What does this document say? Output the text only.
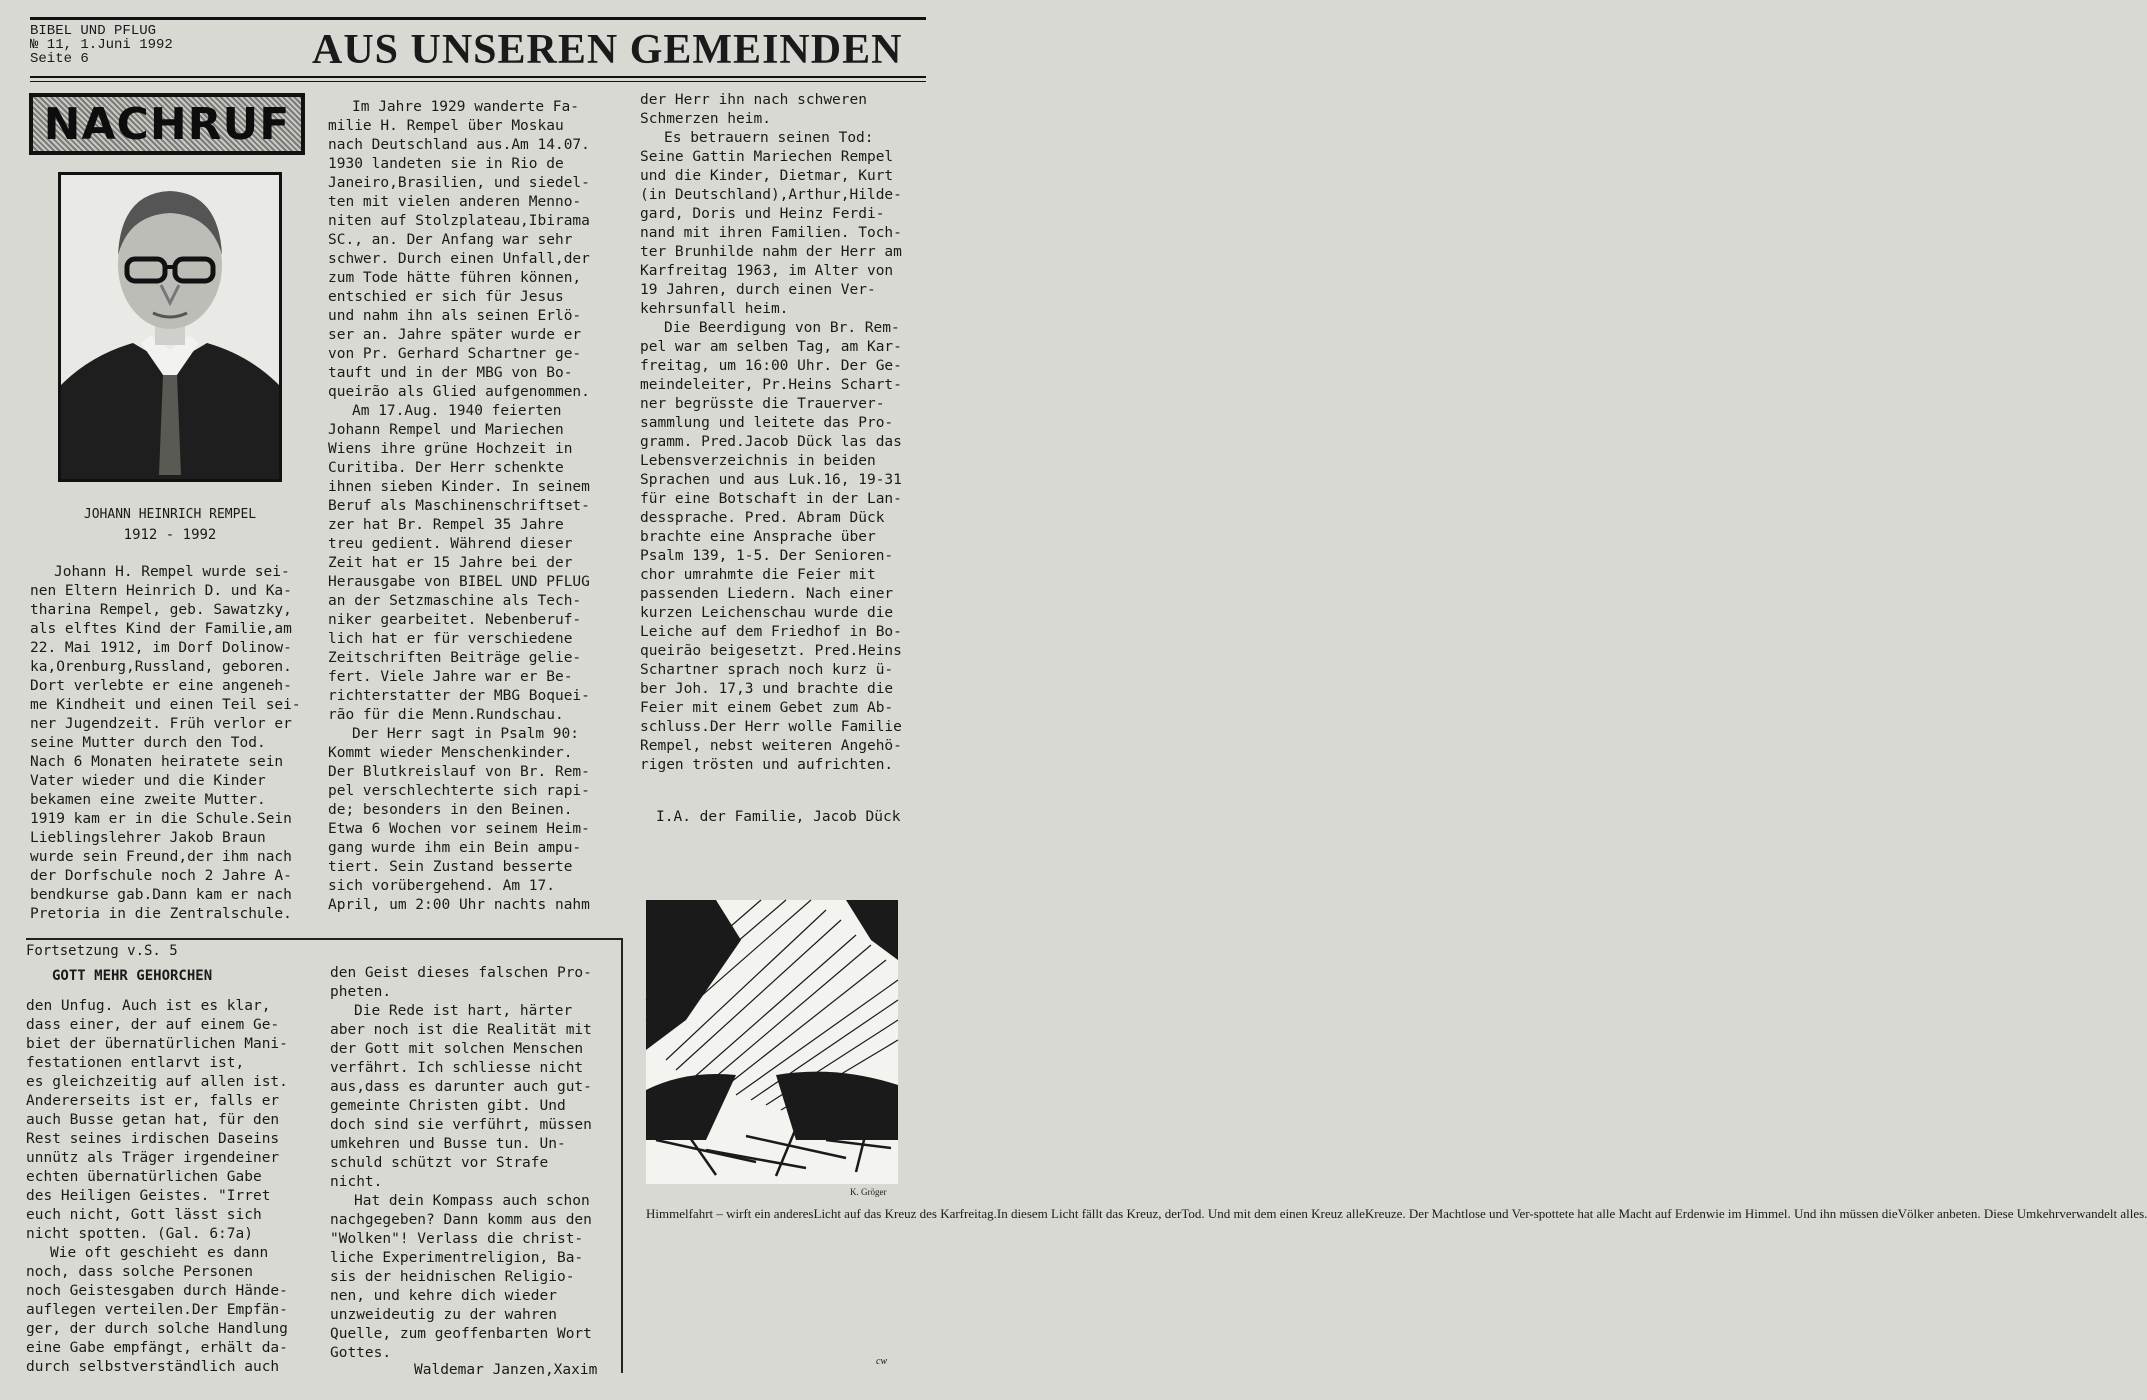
BIBEL UND PFLUG
№ 11, 1.Juni 1992
Seite 6	AUS UNSEREN GEMEINDEN
NACHRUF
JOHANN HEINRICH REMPEL
1912 - 1992
Johann H. Rempel wurde sei-
nen Eltern Heinrich D. und Ka-
tharina Rempel, geb. Sawatzky,
als elftes Kind der Familie,am
22. Mai 1912, im Dorf Dolinow-
ka,Orenburg,Russland, geboren.
Dort verlebte er eine angeneh-
me Kindheit und einen Teil sei-
ner Jugendzeit. Früh verlor er
seine Mutter durch den Tod.
Nach 6 Monaten heiratete sein
Vater wieder und die Kinder
bekamen eine zweite Mutter.
1919 kam er in die Schule.Sein
Lieblingslehrer Jakob Braun
wurde sein Freund,der ihm nach
der Dorfschule noch 2 Jahre A-
bendkurse gab.Dann kam er nach
Pretoria in die Zentralschule.
Im Jahre 1929 wanderte Fa-
milie H. Rempel über Moskau
nach Deutschland aus.Am 14.07.
1930 landeten sie in Rio de
Janeiro,Brasilien, und siedel-
ten mit vielen anderen Menno-
niten auf Stolzplateau,Ibirama
SC., an. Der Anfang war sehr
schwer. Durch einen Unfall,der
zum Tode hätte führen können,
entschied er sich für Jesus
und nahm ihn als seinen Erlö-
ser an. Jahre später wurde er
von Pr. Gerhard Schartner ge-
tauft und in der MBG von Bo-
queirão als Glied aufgenommen.
Am 17.Aug. 1940 feierten
Johann Rempel und Mariechen
Wiens ihre grüne Hochzeit in
Curitiba. Der Herr schenkte
ihnen sieben Kinder. In seinem
Beruf als Maschinenschriftset-
zer hat Br. Rempel 35 Jahre
treu gedient. Während dieser
Zeit hat er 15 Jahre bei der
Herausgabe von BIBEL UND PFLUG
an der Setzmaschine als Tech-
niker gearbeitet. Nebenberuf-
lich hat er für verschiedene
Zeitschriften Beiträge gelie-
fert. Viele Jahre war er Be-
richterstatter der MBG Boquei-
rão für die Menn.Rundschau.
Der Herr sagt in Psalm 90:
Kommt wieder Menschenkinder.
Der Blutkreislauf von Br. Rem-
pel verschlechterte sich rapi-
de; besonders in den Beinen.
Etwa 6 Wochen vor seinem Heim-
gang wurde ihm ein Bein ampu-
tiert. Sein Zustand besserte
sich vorübergehend. Am 17.
April, um 2:00 Uhr nachts nahm
der Herr ihn nach schweren
Schmerzen heim.
Es betrauern seinen Tod:
Seine Gattin Mariechen Rempel
und die Kinder, Dietmar, Kurt
(in Deutschland),Arthur,Hilde-
gard, Doris und Heinz Ferdi-
nand mit ihren Familien. Toch-
ter Brunhilde nahm der Herr am
Karfreitag 1963, im Alter von
19 Jahren, durch einen Ver-
kehrsunfall heim.
Die Beerdigung von Br. Rem-
pel war am selben Tag, am Kar-
freitag, um 16:00 Uhr. Der Ge-
meindeleiter, Pr.Heins Schart-
ner begrüsste die Trauerver-
sammlung und leitete das Pro-
gramm. Pred.Jacob Dück las das
Lebensverzeichnis in beiden
Sprachen und aus Luk.16, 19-31
für eine Botschaft in der Lan-
dessprache. Pred. Abram Dück
brachte eine Ansprache über
Psalm 139, 1-5. Der Senioren-
chor umrahmte die Feier mit
passenden Liedern. Nach einer
kurzen Leichenschau wurde die
Leiche auf dem Friedhof in Bo-
queirão beigesetzt. Pred.Heins
Schartner sprach noch kurz ü-
ber Joh. 17,3 und brachte die
Feier mit einem Gebet zum Ab-
schluss.Der Herr wolle Familie
Rempel, nebst weiteren Angehö-
rigen trösten und aufrichten.
I.A. der Familie, Jacob Dück
Fortsetzung v.S. 5
GOTT MEHR GEHORCHEN
den Unfug. Auch ist es klar,
dass einer, der auf einem Ge-
biet der übernatürlichen Mani-
festationen entlarvt ist,
es gleichzeitig auf allen ist.
Andererseits ist er, falls er
auch Busse getan hat, für den
Rest seines irdischen Daseins
unnütz als Träger irgendeiner
echten übernatürlichen Gabe
des Heiligen Geistes. "Irret
euch nicht, Gott lässt sich
nicht spotten. (Gal. 6:7a)
Wie oft geschieht es dann
noch, dass solche Personen
noch Geistesgaben durch Hände-
auflegen verteilen.Der Empfän-
ger, der durch solche Handlung
eine Gabe empfängt, erhält da-
durch selbstverständlich auch
den Geist dieses falschen Pro-
pheten.
Die Rede ist hart, härter
aber noch ist die Realität mit
der Gott mit solchen Menschen
verfährt. Ich schliesse nicht
aus,dass es darunter auch gut-
gemeinte Christen gibt. Und
doch sind sie verführt, müssen
umkehren und Busse tun. Un-
schuld schützt vor Strafe
nicht.
Hat dein Kompass auch schon
nachgegeben? Dann komm aus den
"Wolken"! Verlass die christ-
liche Experimentreligion, Ba-
sis der heidnischen Religio-
nen, und kehre dich wieder
unzweideutig zu der wahren
Quelle, zum geoffenbarten Wort
Gottes.
Waldemar Janzen,Xaxim
K. Gröger
Himmelfahrt – wirft ein anderesLicht auf das Kreuz des Karfreitag.In diesem Licht fällt das Kreuz, derTod. Und mit dem einen Kreuz alleKreuze. Der Machtlose und Ver-spottete hat alle Macht auf Erdenwie im Himmel. Und ihn müssen dieVölker anbeten. Diese Umkehrverwandelt alles.
cw
